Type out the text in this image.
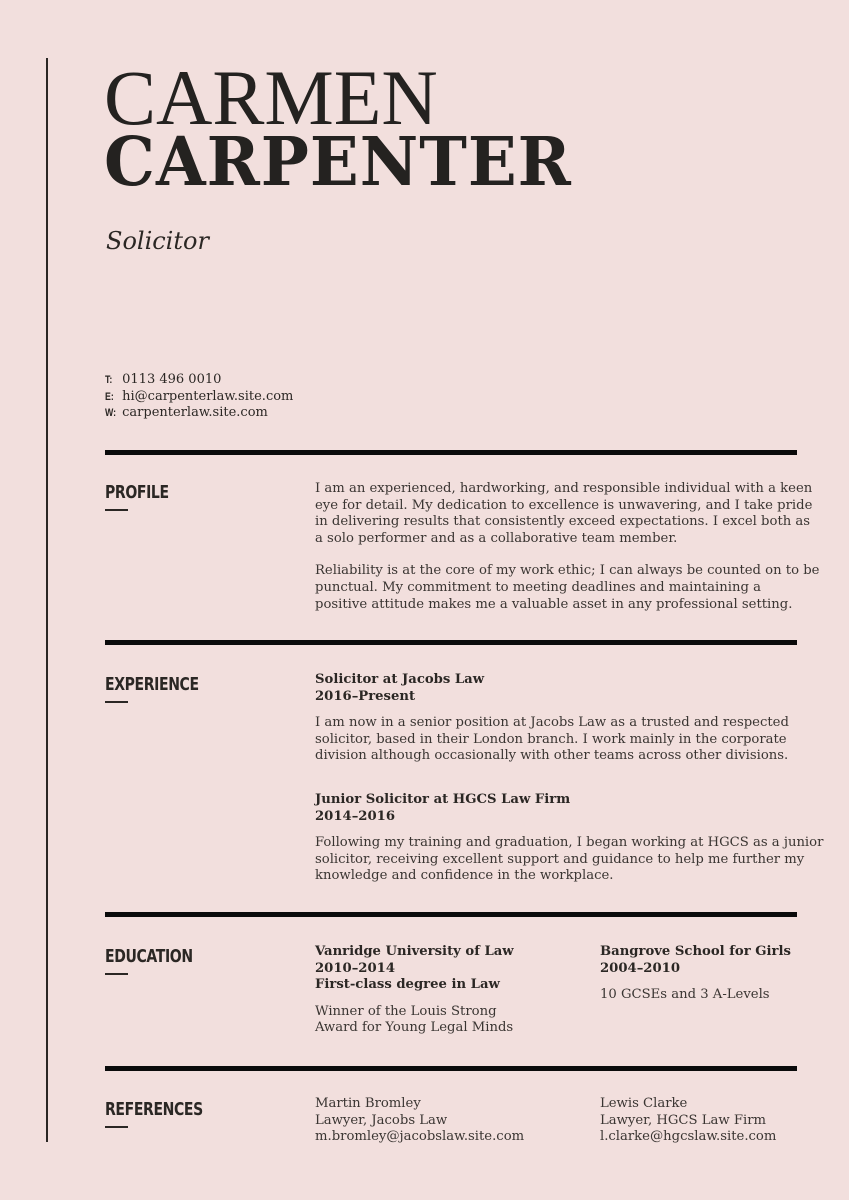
CARMEN
CARPENTER
Solicitor
T: 0113 496 0010
E: hi@carpenterlaw.site.com
W: carpenterlaw.site.com
PROFILE	I am an experienced, hardworking, and responsible individual with a keen
eye for detail. My dedication to excellence is unwavering, and I take pride
in delivering results that consistently exceed expectations. I excel both as
a solo performer and as a collaborative team member.
Reliability is at the core of my work ethic; I can always be counted on to be
punctual. My commitment to meeting deadlines and maintaining a
positive attitude makes me a valuable asset in any professional setting.
EXPERIENCE	Solicitor at Jacobs Law
2016–Present
I am now in a senior position at Jacobs Law as a trusted and respected
solicitor, based in their London branch. I work mainly in the corporate
division although occasionally with other teams across other divisions.
Junior Solicitor at HGCS Law Firm
2014–2016
Following my training and graduation, I began working at HGCS as a junior
solicitor, receiving excellent support and guidance to help me further my
knowledge and confidence in the workplace.
EDUCATION	Vanridge University of Law
2010–2014
First-class degree in Law
Winner of the Louis Strong
Award for Young Legal Minds
Bangrove School for Girls
2004–2010
10 GCSEs and 3 A-Levels
REFERENCES	Martin Bromley
Lawyer, Jacobs Law
m.bromley@jacobslaw.site.com
Lewis Clarke
Lawyer, HGCS Law Firm
l.clarke@hgcslaw.site.com
